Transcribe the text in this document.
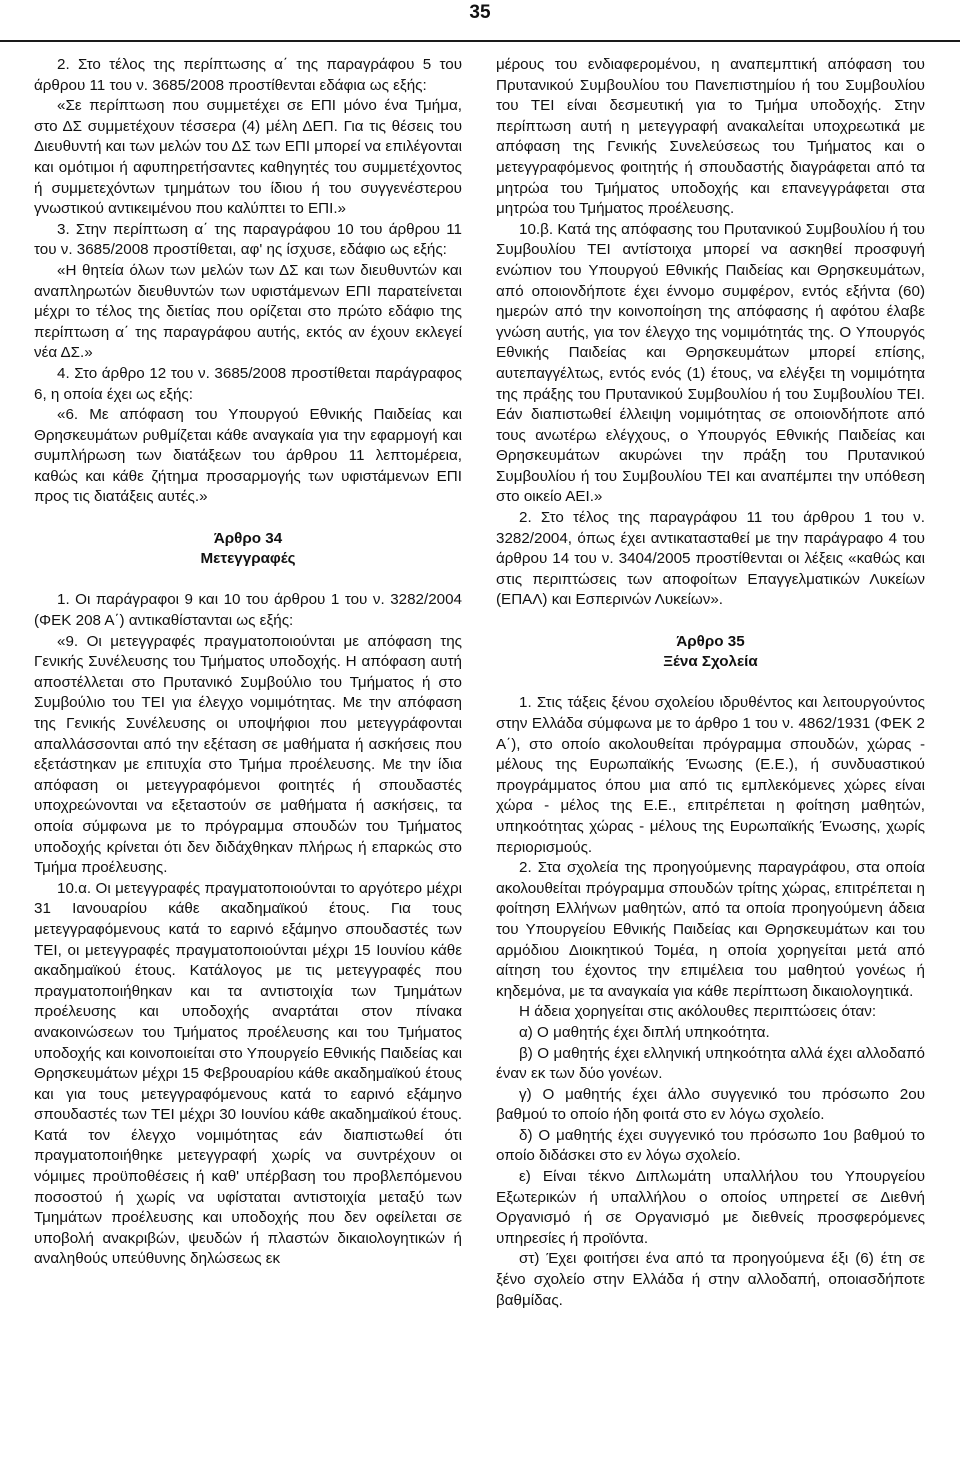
35

2. Στο τέλος της περίπτωσης α΄ της παραγράφου 5 του άρθρου 11 του ν. 3685/2008 προστίθενται εδάφια ως εξής:

«Σε περίπτωση που συμμετέχει σε ΕΠΙ μόνο ένα Τμήμα, στο ΔΣ συμμετέχουν τέσσερα (4) μέλη ΔΕΠ. Για τις θέσεις του Διευθυντή και των μελών του ΔΣ των ΕΠΙ μπορεί να επιλέγονται και ομότιμοι ή αφυπηρετήσαντες καθηγητές του συμμετέχοντος ή συμμετεχόντων τμημάτων του ίδιου ή του συγγενέστερου γνωστικού αντικειμένου που καλύπτει το ΕΠΙ.»

3. Στην περίπτωση α΄ της παραγράφου 10 του άρθρου 11 του ν. 3685/2008 προστίθεται, αφ' ης ίσχυσε, εδάφιο ως εξής:

«Η θητεία όλων των μελών των ΔΣ και των διευθυντών και αναπληρωτών διευθυντών των υφιστάμενων ΕΠΙ παρατείνεται μέχρι το τέλος της διετίας που ορίζεται στο πρώτο εδάφιο της περίπτωση α΄ της παραγράφου αυτής, εκτός αν έχουν εκλεγεί νέα ΔΣ.»

4. Στο άρθρο 12 του ν. 3685/2008 προστίθεται παράγραφος 6, η οποία έχει ως εξής:

«6. Με απόφαση του Υπουργού Εθνικής Παιδείας και Θρησκευμάτων ρυθμίζεται κάθε αναγκαία για την εφαρμογή και συμπλήρωση των διατάξεων του άρθρου 11 λεπτομέρεια, καθώς και κάθε ζήτημα προσαρμογής των υφιστάμενων ΕΠΙ προς τις διατάξεις αυτές.»

Άρθρο 34

Μετεγγραφές

1. Οι παράγραφοι 9 και 10 του άρθρου 1 του ν. 3282/2004 (ΦΕΚ 208 Α΄) αντικαθίστανται ως εξής:

«9. Οι μετεγγραφές πραγματοποιούνται με απόφαση της Γενικής Συνέλευσης του Τμήματος υποδοχής. Η απόφαση αυτή αποστέλλεται στο Πρυτανικό Συμβούλιο του Τμήματος ή στο Συμβούλιο του ΤΕΙ για έλεγχο νομιμότητας. Με την απόφαση της Γενικής Συνέλευσης οι υποψήφιοι που μετεγγράφονται απαλλάσσονται από την εξέταση σε μαθήματα ή ασκήσεις που εξετάστηκαν με επιτυχία στο Τμήμα προέλευσης. Με την ίδια απόφαση οι μετεγγραφόμενοι φοιτητές ή σπουδαστές υποχρεώνονται να εξεταστούν σε μαθήματα ή ασκήσεις, τα οποία σύμφωνα με το πρόγραμμα σπουδών του Τμήματος υποδοχής κρίνεται ότι δεν διδάχθηκαν πλήρως ή επαρκώς στο Τμήμα προέλευσης.

10.α. Οι μετεγγραφές πραγματοποιούνται το αργότερο μέχρι 31 Ιανουαρίου κάθε ακαδημαϊκού έτους. Για τους μετεγγραφόμενους κατά το εαρινό εξάμηνο σπουδαστές των ΤΕΙ, οι μετεγγραφές πραγματοποιούνται μέχρι 15 Ιουνίου κάθε ακαδημαϊκού έτους. Κατάλογος με τις μετεγγραφές που πραγματοποιήθηκαν και τα αντιστοιχία των Τμημάτων προέλευσης και υποδοχής αναρτάται στον πίνακα ανακοινώσεων του Τμήματος προέλευσης και του Τμήματος υποδοχής και κοινοποιείται στο Υπουργείο Εθνικής Παιδείας και Θρησκευμάτων μέχρι 15 Φεβρουαρίου κάθε ακαδημαϊκού έτους και για τους μετεγγραφόμενους κατά το εαρινό εξάμηνο σπουδαστές των ΤΕΙ μέχρι 30 Ιουνίου κάθε ακαδημαϊκού έτους. Κατά τον έλεγχο νομιμότητας εάν διαπιστωθεί ότι πραγματοποιήθηκε μετεγγραφή χωρίς να συντρέχουν οι νόμιμες προϋποθέσεις ή καθ' υπέρβαση του προβλεπόμενου ποσοστού ή χωρίς να υφίσταται αντιστοιχία μεταξύ των Τμημάτων προέλευσης και υποδοχής που δεν οφείλεται σε υποβολή ανακριβών, ψευδών ή πλαστών δικαιολογητικών ή αναληθούς υπεύθυνης δηλώσεως εκ

μέρους του ενδιαφερομένου, η αναπεμπτική απόφαση του Πρυτανικού Συμβουλίου του Πανεπιστημίου ή του Συμβουλίου του ΤΕΙ είναι δεσμευτική για το Τμήμα υποδοχής. Στην περίπτωση αυτή η μετεγγραφή ανακαλείται υποχρεωτικά με απόφαση της Γενικής Συνελεύσεως του Τμήματος και ο μετεγγραφόμενος φοιτητής ή σπουδαστής διαγράφεται από τα μητρώα του Τμήματος υποδοχής και επανεγγράφεται στα μητρώα του Τμήματος προέλευσης.

10.β. Κατά της απόφασης του Πρυτανικού Συμβουλίου ή του Συμβουλίου ΤΕΙ αντίστοιχα μπορεί να ασκηθεί προσφυγή ενώπιον του Υπουργού Εθνικής Παιδείας και Θρησκευμάτων, από οποιονδήποτε έχει έννομο συμφέρον, εντός εξήντα (60) ημερών από την κοινοποίηση της απόφασης ή αφότου έλαβε γνώση αυτής, για τον έλεγχο της νομιμότητάς της. Ο Υπουργός Εθνικής Παιδείας και Θρησκευμάτων μπορεί επίσης, αυτεπαγγέλτως, εντός ενός (1) έτους, να ελέγξει τη νομιμότητα της πράξης του Πρυτανικού Συμβουλίου ή του Συμβουλίου ΤΕΙ. Εάν διαπιστωθεί έλλειψη νομιμότητας σε οποιονδήποτε από τους ανωτέρω ελέγχους, ο Υπουργός Εθνικής Παιδείας και Θρησκευμάτων ακυρώνει την πράξη του Πρυτανικού Συμβουλίου ή του Συμβουλίου ΤΕΙ και αναπέμπει την υπόθεση στο οικείο ΑΕΙ.»

2. Στο τέλος της παραγράφου 11 του άρθρου 1 του ν. 3282/2004, όπως έχει αντικατασταθεί με την παράγραφο 4 του άρθρου 14 του ν. 3404/2005 προστίθενται οι λέξεις «καθώς και στις περιπτώσεις των αποφοίτων Επαγγελματικών Λυκείων (ΕΠΑΛ) και Εσπερινών Λυκείων».

Άρθρο 35

Ξένα Σχολεία

1. Στις τάξεις ξένου σχολείου ιδρυθέντος και λειτουργούντος στην Ελλάδα σύμφωνα με το άρθρο 1 του ν. 4862/1931 (ΦΕΚ 2 Α΄), στο οποίο ακολουθείται πρόγραμμα σπουδών, χώρας - μέλους της Ευρωπαϊκής Ένωσης (Ε.Ε.), ή συνδυαστικού προγράμματος όπου μια από τις εμπλεκόμενες χώρες είναι χώρα - μέλος της Ε.Ε., επιτρέπεται η φοίτηση μαθητών, υπηκοότητας χώρας - μέλους της Ευρωπαϊκής Ένωσης, χωρίς περιορισμούς.

2. Στα σχολεία της προηγούμενης παραγράφου, στα οποία ακολουθείται πρόγραμμα σπουδών τρίτης χώρας, επιτρέπεται η φοίτηση Ελλήνων μαθητών, από τα οποία προηγούμενη άδεια του Υπουργείου Εθνικής Παιδείας και Θρησκευμάτων και του αρμόδιου Διοικητικού Τομέα, η οποία χορηγείται μετά από αίτηση του έχοντος την επιμέλεια του μαθητού γονέως ή κηδεμόνα, με τα αναγκαία για κάθε περίπτωση δικαιολογητικά.

Η άδεια χορηγείται στις ακόλουθες περιπτώσεις όταν:

α) Ο μαθητής έχει διπλή υπηκοότητα.

β) Ο μαθητής έχει ελληνική υπηκοότητα αλλά έχει αλλοδαπό έναν εκ των δύο γονέων.

γ) Ο μαθητής έχει άλλο συγγενικό του πρόσωπο 2ου βαθμού το οποίο ήδη φοιτά στο εν λόγω σχολείο.

δ) Ο μαθητής έχει συγγενικό του πρόσωπο 1ου βαθμού το οποίο διδάσκει στο εν λόγω σχολείο.

ε) Είναι τέκνο Διπλωμάτη υπαλλήλου του Υπουργείου Εξωτερικών ή υπαλλήλου ο οποίος υπηρετεί σε Διεθνή Οργανισμό ή σε Οργανισμό με διεθνείς προσφερόμενες υπηρεσίες ή προϊόντα.

στ) Έχει φοιτήσει ένα από τα προηγούμενα έξι (6) έτη σε ξένο σχολείο στην Ελλάδα ή στην αλλοδαπή, οποιασδήποτε βαθμίδας.
